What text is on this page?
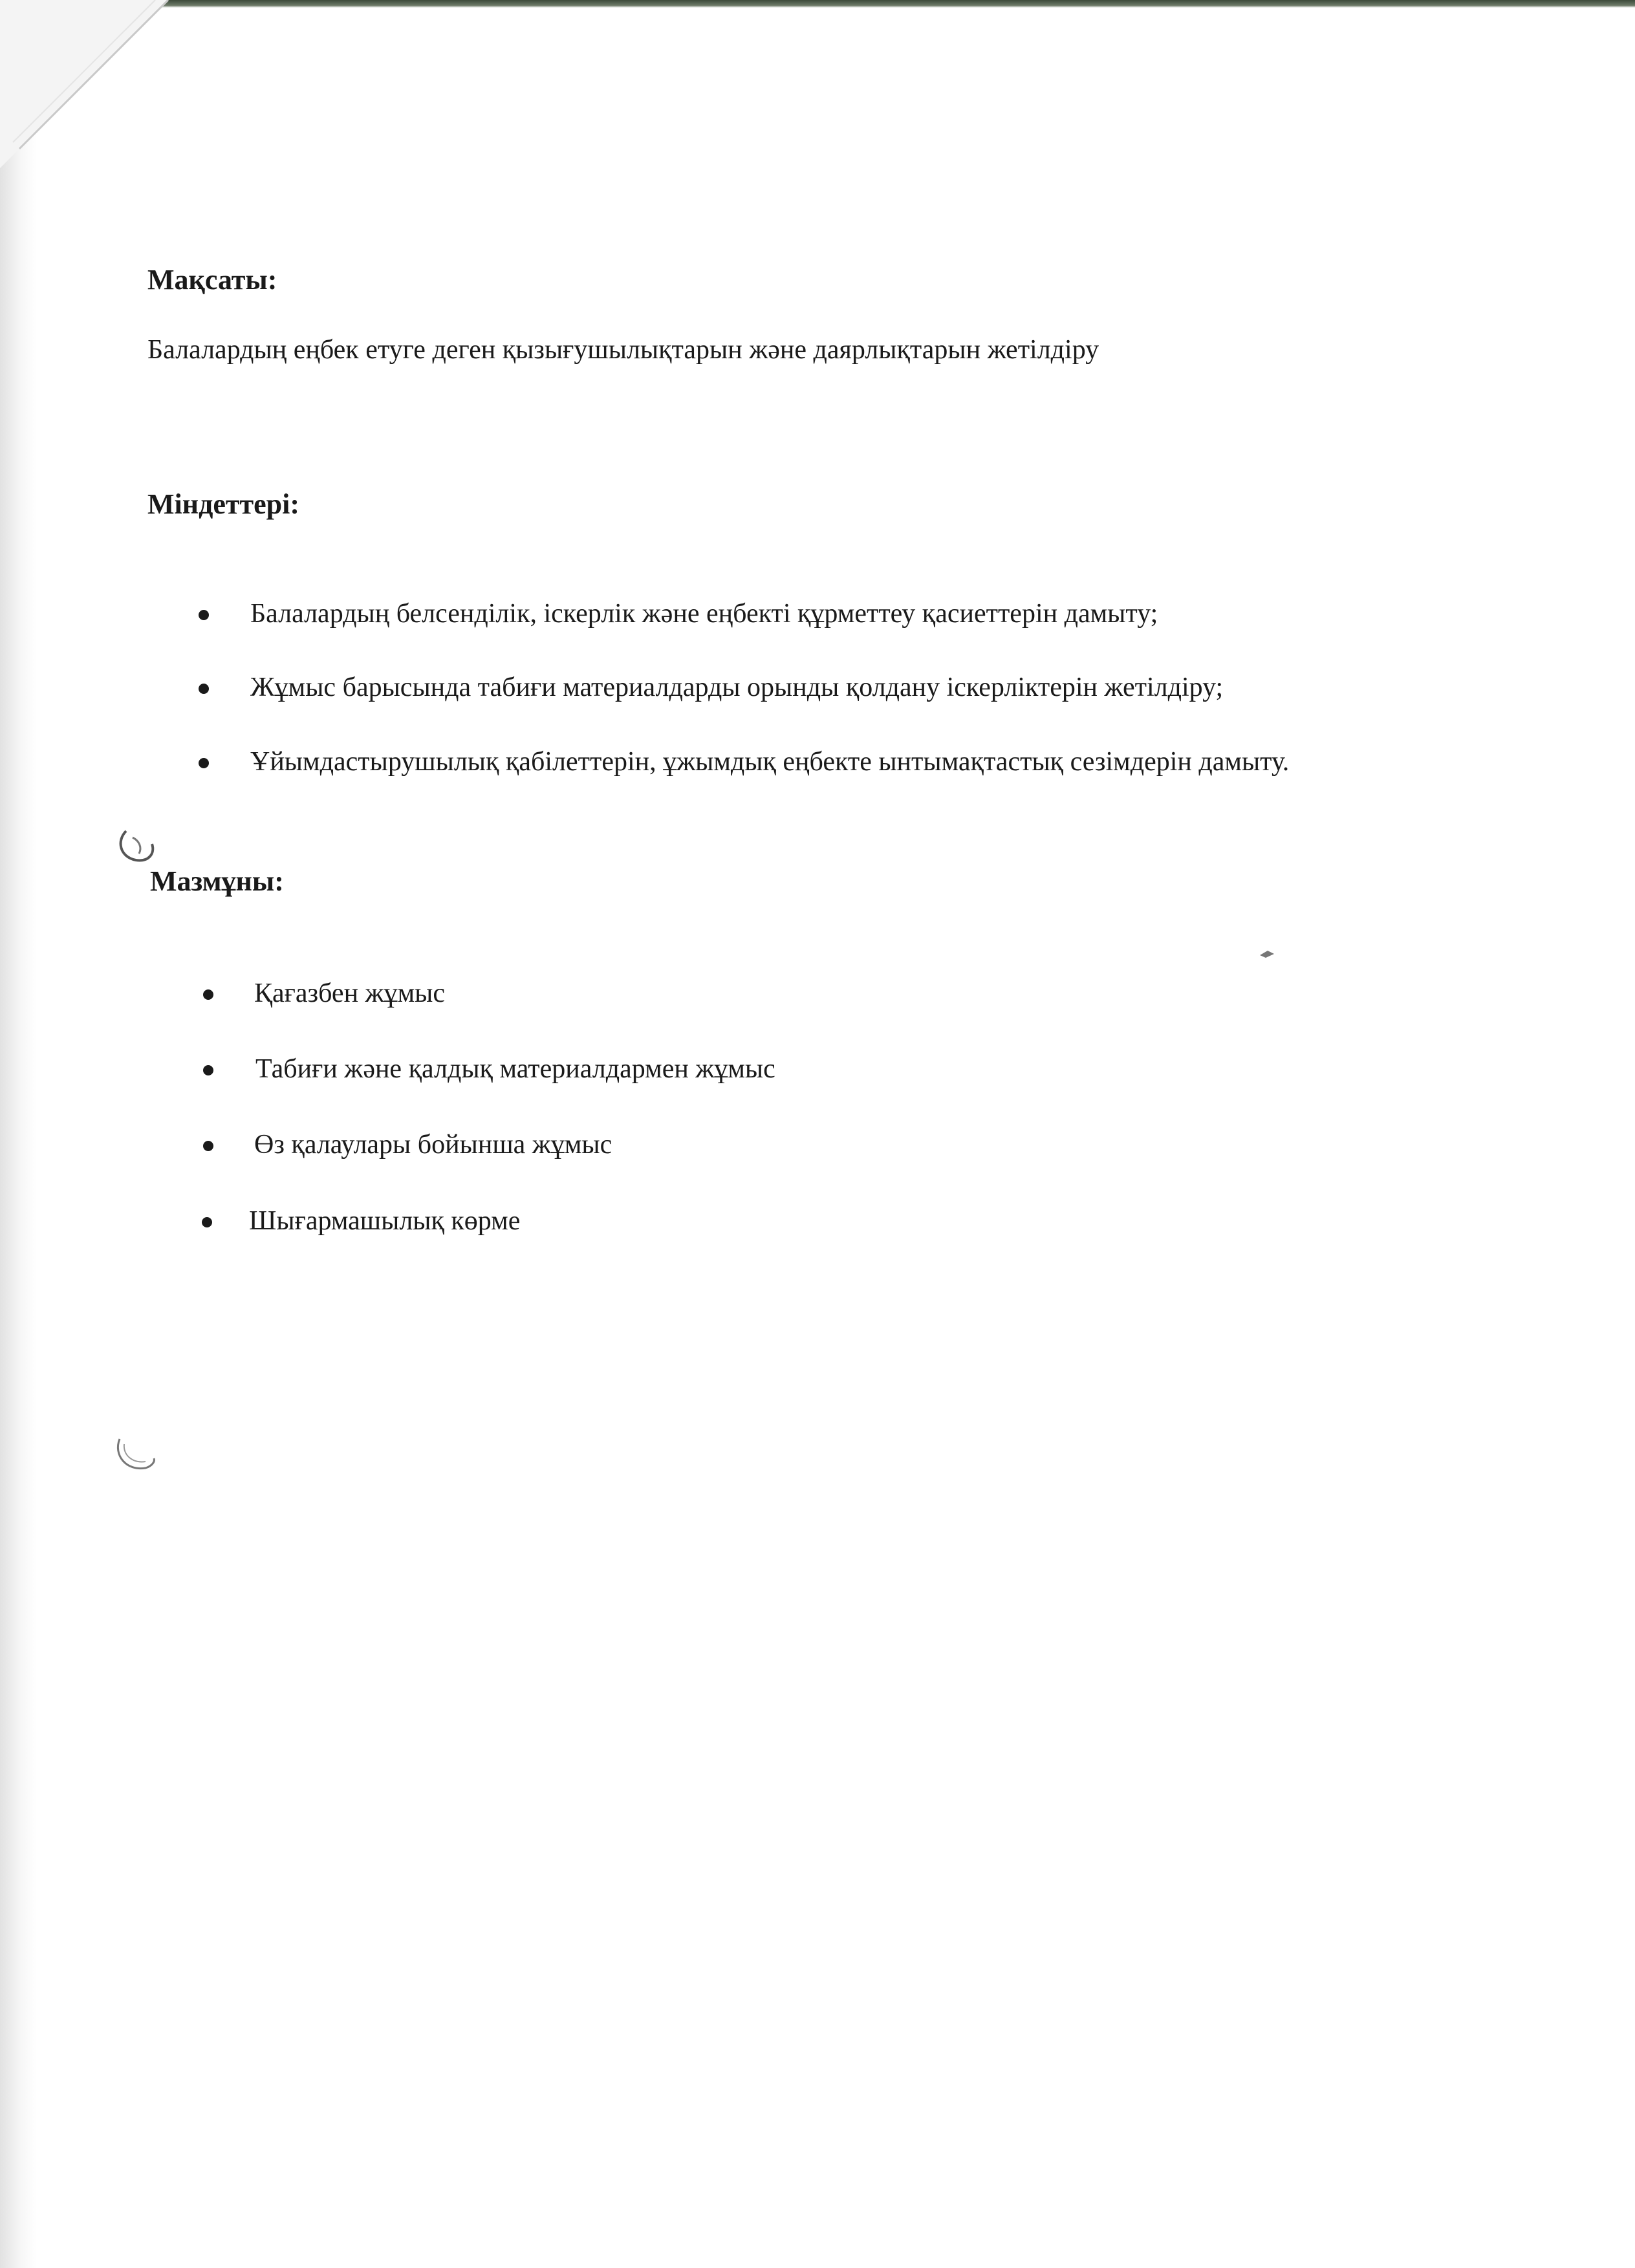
Мақсаты:

Балалардың еңбек етуге деген қызығушылықтарын және даярлықтарын жетілдіру

Міндеттері:
Балалардың белсенділік, іскерлік және еңбекті құрметтеу қасиеттерін дамыту;
Жұмыс барысында табиғи материалдарды орынды қолдану іскерліктерін жетілдіру;
Ұйымдастырушылық қабілеттерін, ұжымдық еңбекте ынтымақтастық сезімдерін дамыту.
Мазмұны:
Қағазбен жұмыс
Табиғи және қалдық материалдармен жұмыс
Өз қалаулары бойынша жұмыс
Шығармашылық көрме
